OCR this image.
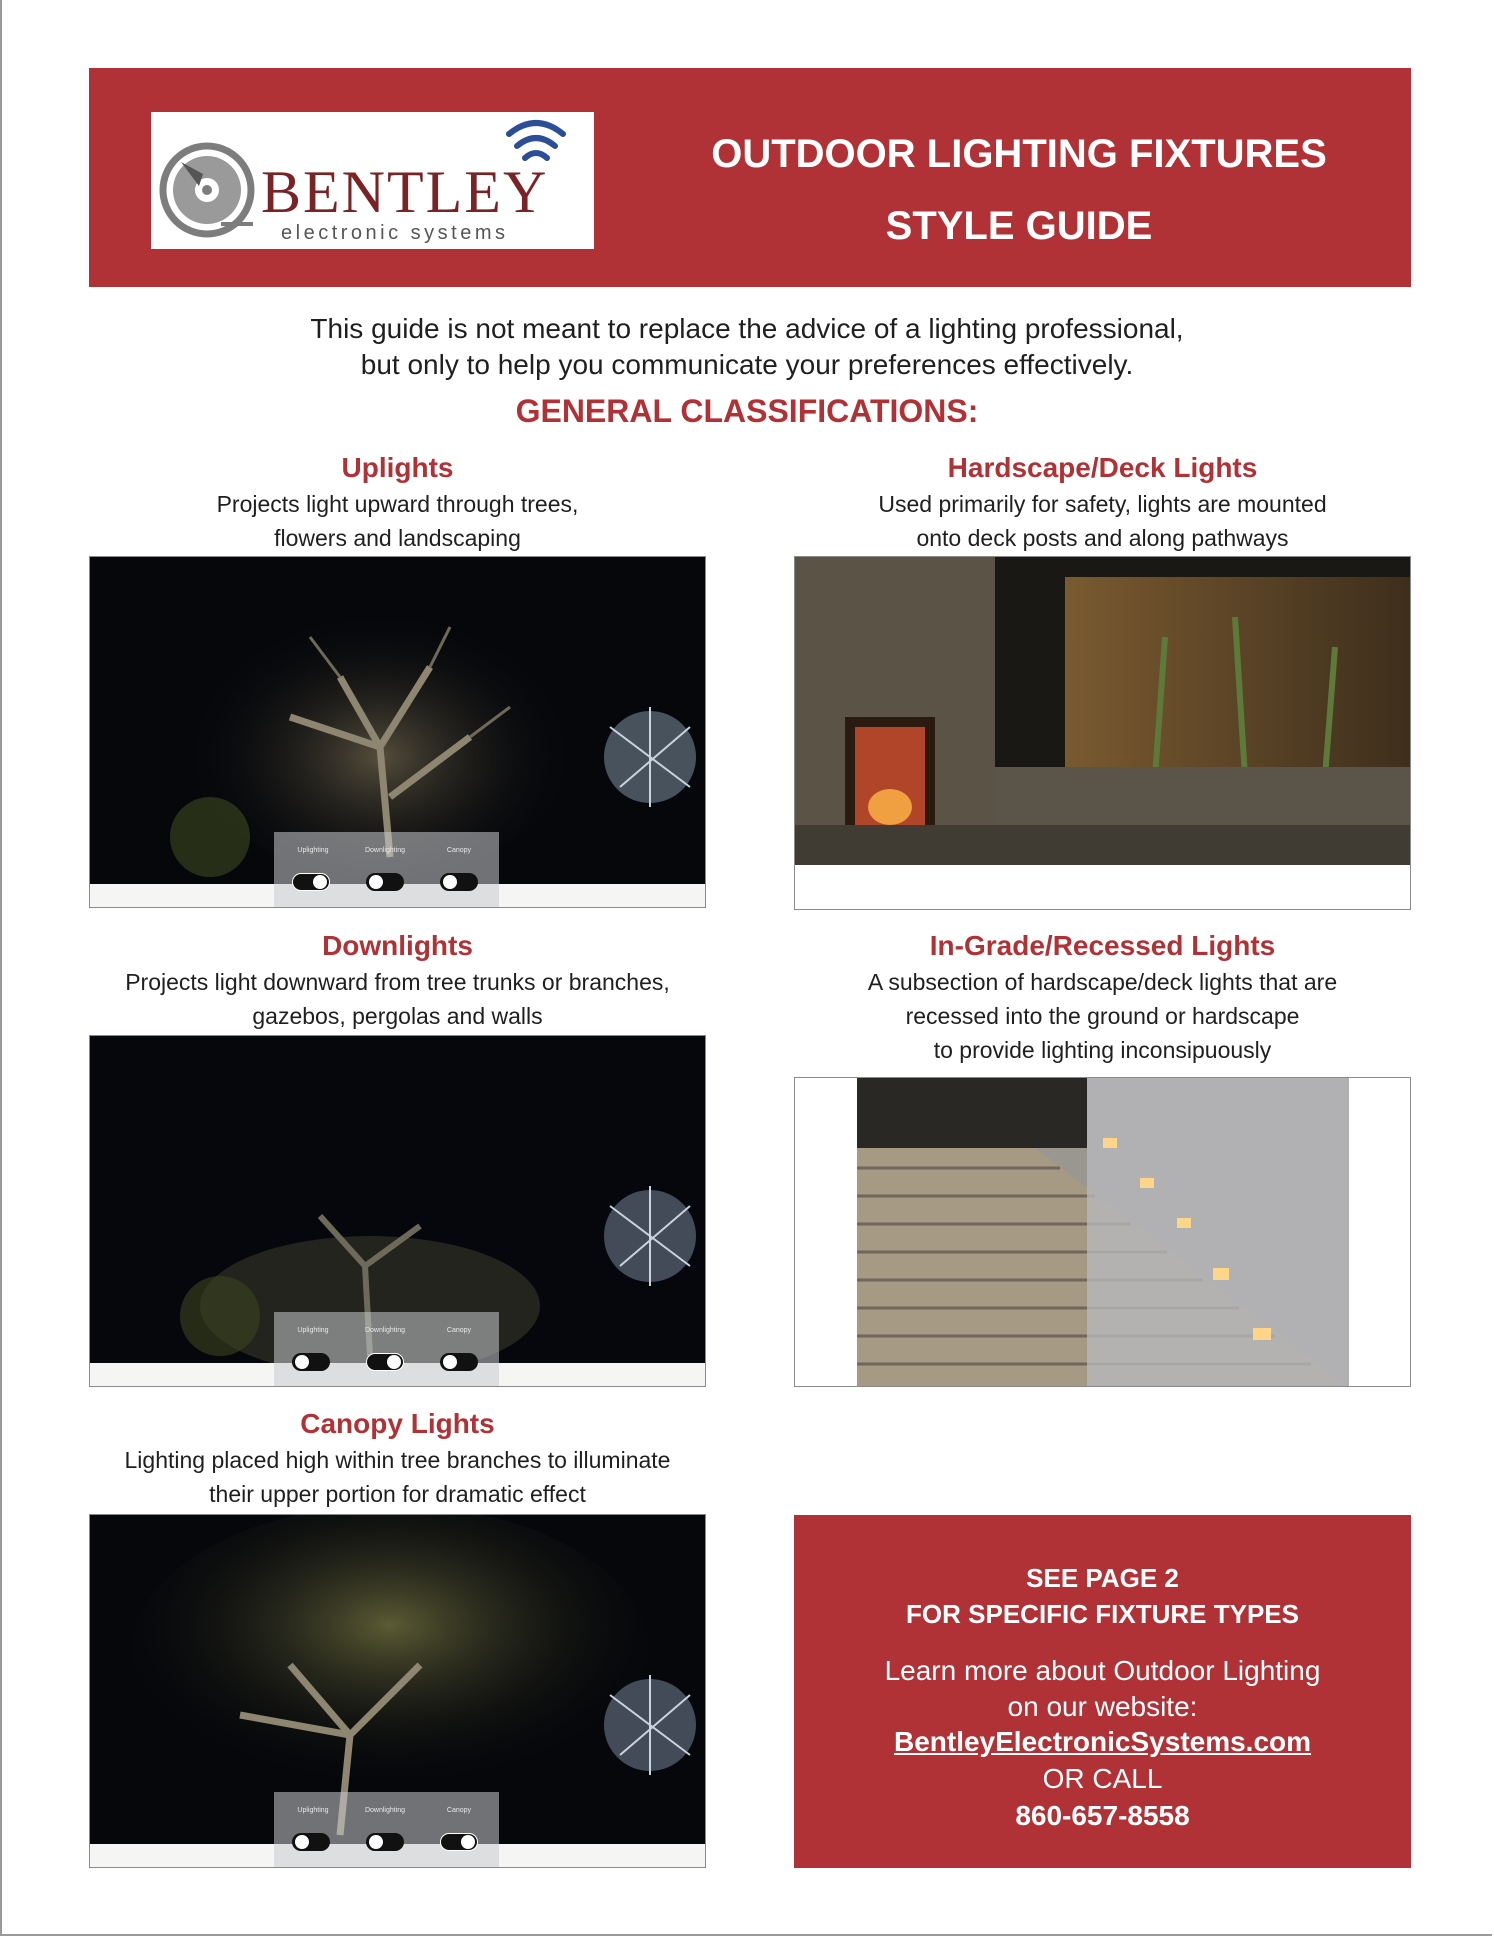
BENTLEY
electronic systems
OUTDOOR LIGHTING FIXTURES
STYLE GUIDE
This guide is not meant to replace the advice of a lighting professional,
but only to help you communicate your preferences effectively.
GENERAL CLASSIFICATIONS:
Uplights
Projects light upward through trees,
flowers and landscaping
Uplighting	Downlighting	Canopy
Hardscape/Deck Lights
Used primarily for safety, lights are mounted
onto deck posts and along pathways
Downlights
Projects light downward from tree trunks or branches,
gazebos, pergolas and walls
Uplighting	Downlighting	Canopy
In-Grade/Recessed Lights
A subsection of hardscape/deck lights that are
recessed into the ground or hardscape
to provide lighting inconsipuously
Canopy Lights
Lighting placed high within tree branches to illuminate
their upper portion for dramatic effect
Uplighting	Downlighting	Canopy
SEE PAGE 2
FOR SPECIFIC FIXTURE TYPES
Learn more about Outdoor Lighting
on our website:
BentleyElectronicSystems.com
OR CALL
860-657-8558
